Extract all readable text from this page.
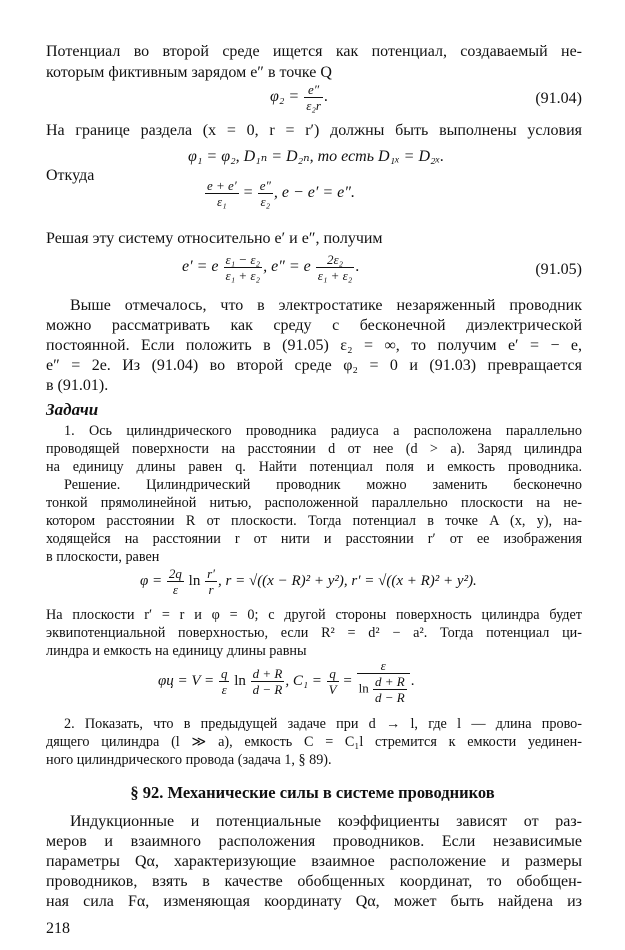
Потенциал во второй среде ищется как потенциал, создаваемый не-
которым фиктивным зарядом e″ в точке Q
$\varphi_2 = \frac{e''}{\text{ε₂r}}$ .	(91.04)
На границе раздела (x = 0, r = r′) должны быть выполнены условия
φ₁ = φ₂, D₁ₙ = D₂ₙ, то есть D₁ₓ = D₂ₓ.
Откуда
$\frac{e + e'}{\text{ε₁}} = \frac{e''}{\text{ε₂}}$ , e − e′ = e″.
Решая эту систему относительно e′ и e″, получим
e′ = e $\frac{\text{ε₁ − ε₂}}{\text{ε₁ + ε₂}}$ , e″ = e $\frac{\text{2ε₂}}{\text{ε₁ + ε₂}}$ .	(91.05)
Выше отмечалось, что в электростатике незаряженный проводник
можно рассматривать как среду с бесконечной диэлектрической
постоянной. Если положить в (91.05) ε₂ = ∞, то получим e′ = − e,
e″ = 2e. Из (91.04) во второй среде φ₂ = 0 и (91.03) превращается
в (91.01).
Задачи
1. Ось цилиндрического проводника радиуса a расположена параллельно
проводящей поверхности на расстоянии d от нее (d > a). Заряд цилиндра
на единицу длины равен q. Найти потенциал поля и емкость проводника.
Решение. Цилиндрический проводник можно заменить бесконечно
тонкой прямолинейной нитью, расположенной параллельно плоскости на не-
котором расстоянии R от плоскости. Тогда потенциал в точке A (x, y), на-
ходящейся на расстоянии r от нити и расстоянии r′ от ее изображения
в плоскости, равен
$\varphi = \frac{2q}{\varepsilon}$ $\ln \frac{r'}{r}$ , r = √((x − R)² + y²), r′ = √((x + R)² + y²).
На плоскости r′ = r и φ = 0; с другой стороны поверхность цилиндра будет
эквипотенциальной поверхностью, если R² = d² − a². Тогда потенциал ци-
линдра и емкость на единицу длины равны
$\varphi ц = V = \frac{q}{\varepsilon}$ $\ln \frac{d + R}{d - R}$ , $C_1 = \frac{q}{V} = \frac{\varepsilon}{\ln \frac{d + R}{d - R}}$ .
2. Показать, что в предыдущей задаче при d → l, где l — длина прово-
дящего цилиндра (l ≫ a), емкость C = C₁l стремится к емкости уединен-
ного цилиндрического провода (задача 1, § 89).
§ 92. Механические силы в системе проводников
Индукционные и потенциальные коэффициенты зависят от раз-
меров и взаимного расположения проводников. Если независимые
параметры Qα, характеризующие взаимное расположение и размеры
проводников, взять в качестве обобщенных координат, то обобщен-
ная сила Fα, изменяющая координату Qα, может быть найдена из
218
